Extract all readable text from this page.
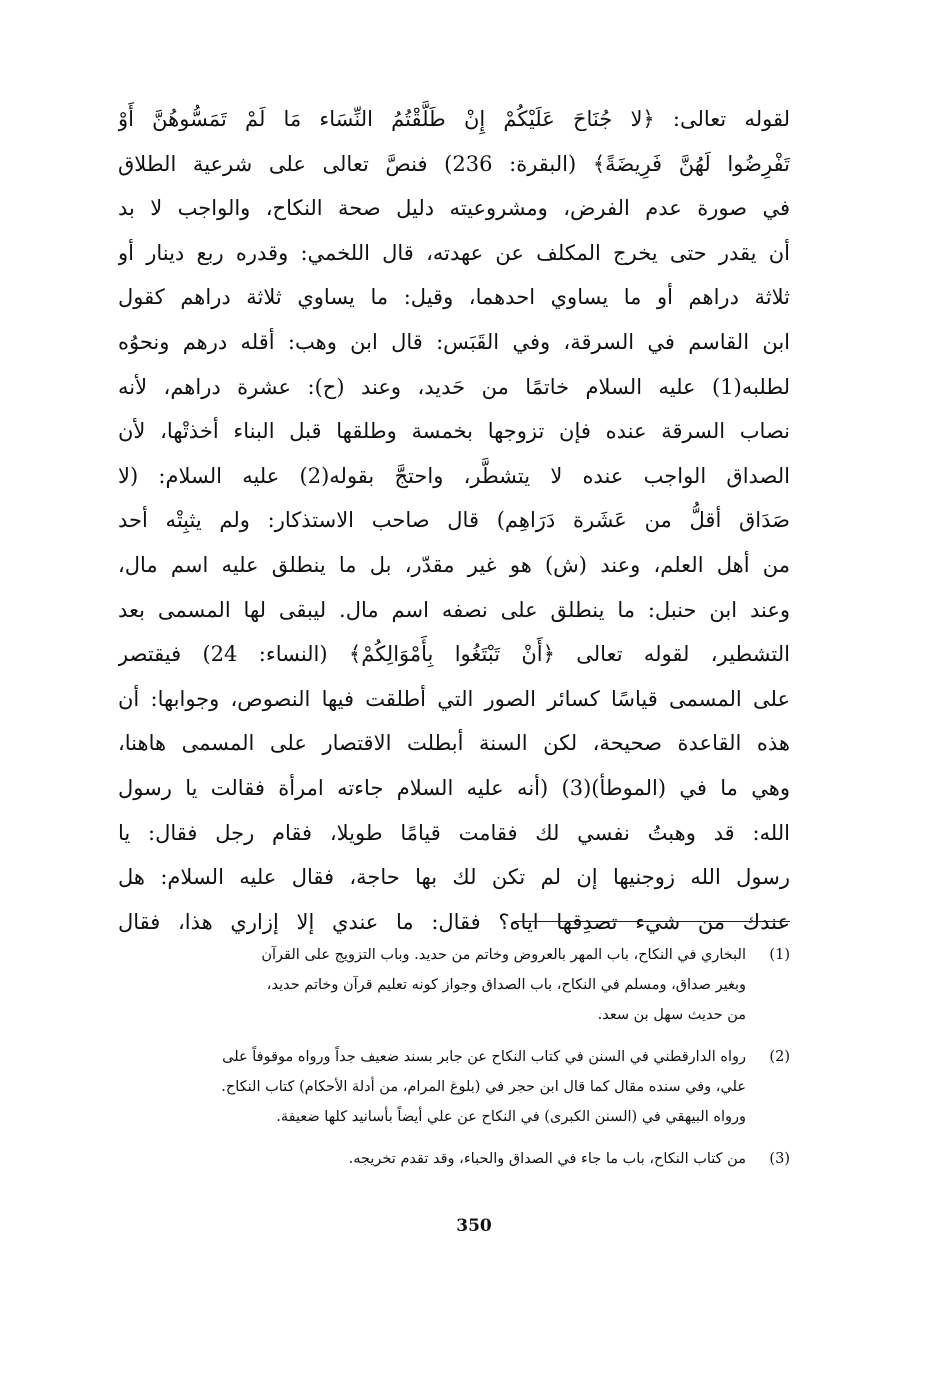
لقوله تعالى: ﴿لا جُنَاحَ عَلَيْكُمْ إِنْ طَلَّقْتُمُ النِّسَاء مَا لَمْ تَمَسُّوهُنَّ أَوْ
تَفْرِضُوا لَهُنَّ فَرِيضَةً﴾ (البقرة: 236) فنصَّ تعالى على شرعية الطلاق
في صورة عدم الفرض، ومشروعيته دليل صحة النكاح، والواجب لا بد
أن يقدر حتى يخرج المكلف عن عهدته، قال اللخمي: وقدره ربع دينار أو
ثلاثة دراهم أو ما يساوي احدهما، وقيل: ما يساوي ثلاثة دراهم كقول
ابن القاسم في السرقة، وفي القَبَس: قال ابن وهب: أقله درهم ونحوُه
لطلبه(1) عليه السلام خاتمًا من حَديد، وعند (ح): عشرة دراهم، لأنه
نصاب السرقة عنده فإن تزوجها بخمسة وطلقها قبل البناء أخذتْها، لأن
الصداق الواجب عنده لا يتشطَّر، واحتجَّ بقوله(2) عليه السلام: (لا
صَدَاق أقلُّ من عَشَرة دَرَاهِم) قال صاحب الاستذكار: ولم يثبِتْه أحد
من أهل العلم، وعند (ش) هو غير مقدّر، بل ما ينطلق عليه اسم مال،
وعند ابن حنبل: ما ينطلق على نصفه اسم مال. ليبقى لها المسمى بعد
التشطير، لقوله تعالى ﴿أَنْ تَبْتَغُوا بِأَمْوَالِكُمْ﴾ (النساء: 24) فيقتصر
على المسمى قياسًا كسائر الصور التي أطلقت فيها النصوص، وجوابها: أن
هذه القاعدة صحيحة، لكن السنة أبطلت الاقتصار على المسمى هاهنا،
وهي ما في (الموطأ)(3) (أنه عليه السلام جاءته امرأة فقالت يا رسول
الله: قد وهبتُ نفسي لك فقامت قيامًا طويلا، فقام رجل فقال: يا
رسول الله زوجنيها إن لم تكن لك بها حاجة، فقال عليه السلام: هل
عندك من شيء تصدِقها اياه؟ فقال: ما عندي إلا إزاري هذا، فقال
(1)
البخاري في النكاح، باب المهر بالعروض وخاتم من حديد. وباب التزويج على القرآن
وبغير صداق، ومسلم في النكاح، باب الصداق وجواز كونه تعليم قرآن وخاتم حديد،
من حديث سهل بن سعد.
(2)
رواه الدارقطني في السنن في كتاب النكاح عن جابر بسند ضعيف جداً ورواه موقوفاً على
علي، وفي سنده مقال كما قال ابن حجر في (بلوغ المرام، من أدلة الأحكام) كتاب النكاح.
ورواه البيهقي في (السنن الكبرى) في النكاح عن علي أيضاً بأسانيد كلها ضعيفة.
(3)
من كتاب النكاح، باب ما جاء في الصداق والحباء، وقد تقدم تخريجه.
350
